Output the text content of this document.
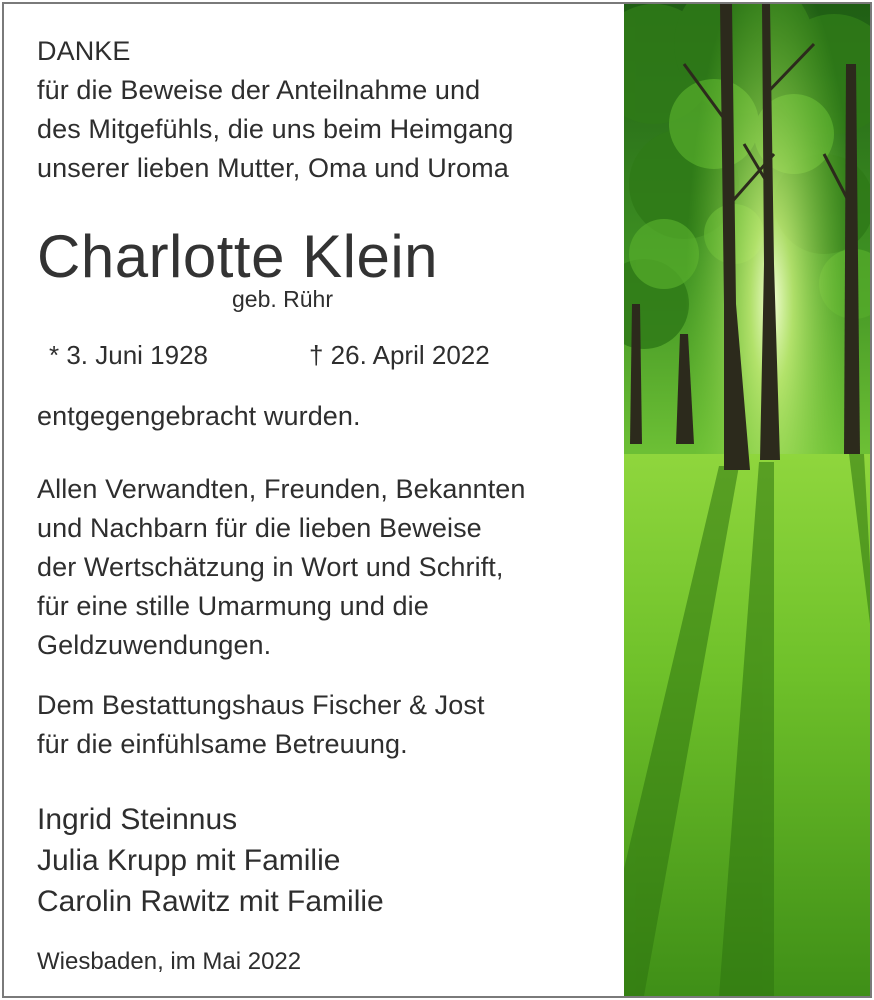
DANKE
für die Beweise der Anteilnahme und
des Mitgefühls, die uns beim Heimgang
unserer lieben Mutter, Oma und Uroma
Charlotte Klein
geb. Rühr
* 3. Juni 1928	† 26. April 2022
entgegengebracht wurden.
Allen Verwandten, Freunden, Bekannten
und Nachbarn für die lieben Beweise
der Wertschätzung in Wort und Schrift,
für eine stille Umarmung und die
Geldzuwendungen.
Dem Bestattungshaus Fischer & Jost
für die einfühlsame Betreuung.
Ingrid Steinnus
Julia Krupp mit Familie
Carolin Rawitz mit Familie
Wiesbaden, im Mai 2022
